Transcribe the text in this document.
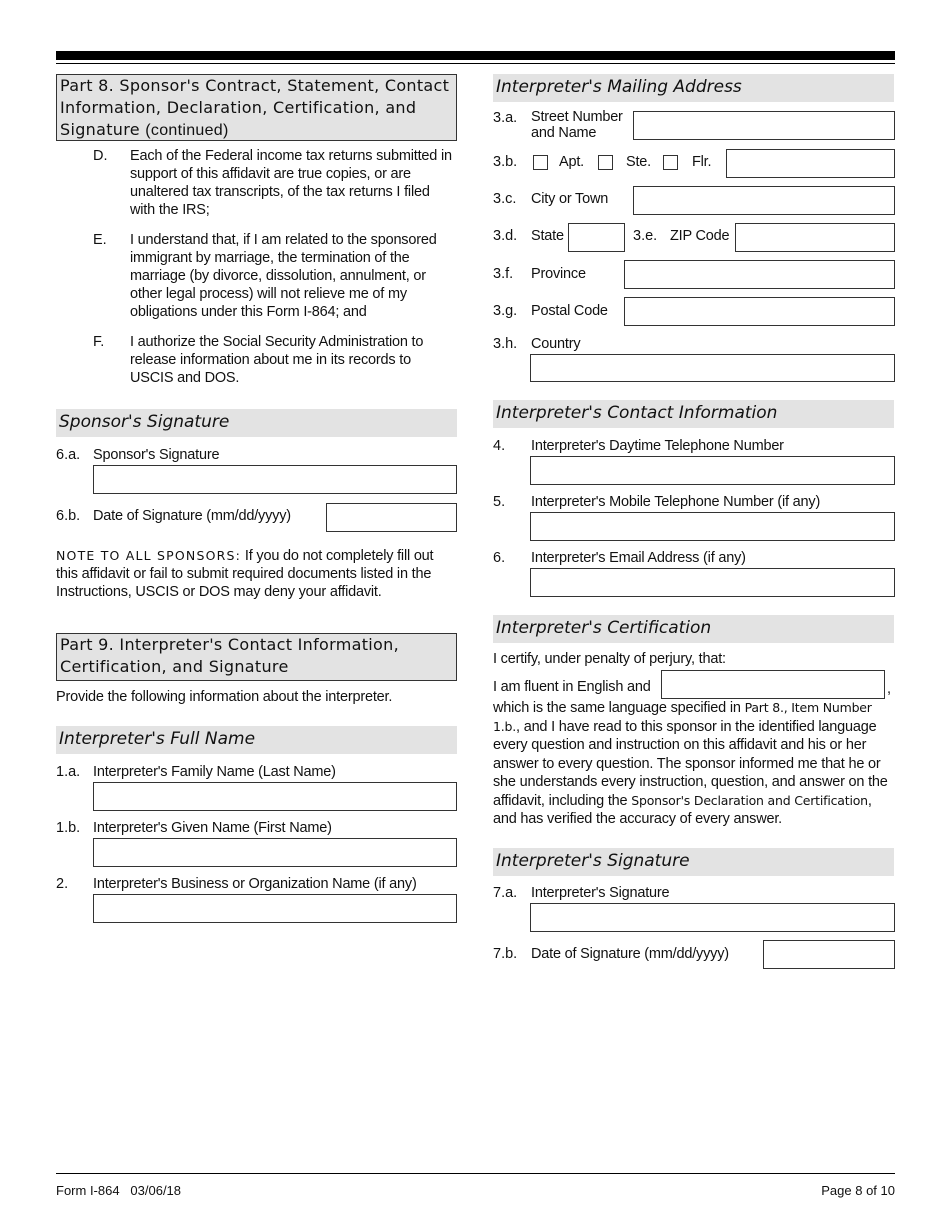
Part 8. Sponsor's Contract, Statement, Contact Information, Declaration, Certification, and Signature (continued)
D. Each of the Federal income tax returns submitted in support of this affidavit are true copies, or are unaltered tax transcripts, of the tax returns I filed with the IRS;
E. I understand that, if I am related to the sponsored immigrant by marriage, the termination of the marriage (by divorce, dissolution, annulment, or other legal process) will not relieve me of my obligations under this Form I-864; and
F. I authorize the Social Security Administration to release information about me in its records to USCIS and DOS.
Sponsor's Signature
6.a. Sponsor's Signature
6.b. Date of Signature (mm/dd/yyyy)
NOTE TO ALL SPONSORS: If you do not completely fill out this affidavit or fail to submit required documents listed in the Instructions, USCIS or DOS may deny your affidavit.
Part 9. Interpreter's Contact Information, Certification, and Signature
Provide the following information about the interpreter.
Interpreter's Full Name
1.a. Interpreter's Family Name (Last Name)
1.b. Interpreter's Given Name (First Name)
2. Interpreter's Business or Organization Name (if any)
Interpreter's Mailing Address
3.a. Street Number and Name
3.b.	Apt.	Ste.	Flr.
3.c. City or Town
3.d. State	3.e. ZIP Code
3.f. Province
3.g. Postal Code
3.h. Country
Interpreter's Contact Information
4. Interpreter's Daytime Telephone Number
5. Interpreter's Mobile Telephone Number (if any)
6. Interpreter's Email Address (if any)
Interpreter's Certification
I certify, under penalty of perjury, that:
I am fluent in English and	,
which is the same language specified in Part 8., Item Number 1.b., and I have read to this sponsor in the identified language every question and instruction on this affidavit and his or her answer to every question. The sponsor informed me that he or she understands every instruction, question, and answer on the affidavit, including the Sponsor's Declaration and Certification, and has verified the accuracy of every answer.
Interpreter's Signature
7.a. Interpreter's Signature
7.b. Date of Signature (mm/dd/yyyy)
Form I-864   03/06/18	Page 8 of 10
